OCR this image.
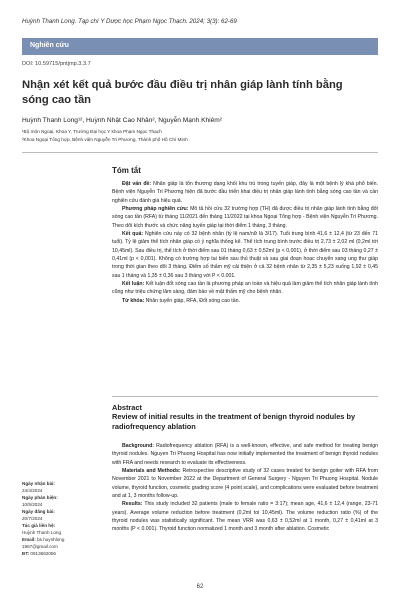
Huỳnh Thanh Long. Tạp chí Y Dược học Phạm Ngọc Thạch. 2024; 3(3): 62-69
Nghiên cứu
DOI: 10.59715/pntjmp.3.3.7
Nhận xét kết quả bước đầu điều trị nhân giáp lành tính bằng sóng cao tần
Huỳnh Thanh Long¹², Huỳnh Nhật Cao Nhân², Nguyễn Mạnh Khiêm²
¹Bộ môn Ngoại, Khoa Y, Trường Đại học Y khoa Phạm Ngọc Thạch
²Khoa Ngoại Tổng hợp, Bệnh viện Nguyễn Tri Phương, Thành phố Hồ Chí Minh
Tóm tắt

Đặt vấn đề: Nhân giáp là tổn thương dạng khối khu trú trong tuyến giáp, đây là một bệnh lý khá phổ biến. Bệnh viện Nguyễn Tri Phương hiện đã bước đầu triển khai điều trị nhân giáp lành tính bằng sóng cao tần và cần nghiên cứu đánh giá hiệu quả.

Phương pháp nghiên cứu: Mô tả hồi cứu 32 trường hợp (TH) đã được điều trị nhân giáp lành tính bằng đốt sóng cao tần (RFA) từ tháng 11/2021 đến tháng 11/2022 tại khoa Ngoại Tổng hợp - Bệnh viện Nguyễn Tri Phương. Theo dõi kích thước và chức năng tuyến giáp tại thời điểm 1 tháng, 3 tháng.

Kết quả: Nghiên cứu này có 32 bệnh nhân (tỷ lệ nam/nữ là 3/17). Tuổi trung bình 41,6 ± 12,4 (từ 23 đến 71 tuổi). Tỷ lệ giảm thể tích nhân giáp có ý nghĩa thống kê. Thể tích trung bình trước điều trị 2,73 ± 2,02 ml (0,2ml tới 10,45ml). Sau điều trị, thể tích ở thời điểm sau 01 tháng 0,63 ± 0,52ml (p < 0,001), ở thời điểm sau 03 tháng 0,27 ± 0,41ml (p < 0,001). Không có trường hợp tai biến sau thủ thuật và sau giai đoạn hoạc chuyển sang ung thư giáp trong thời gian theo dõi 3 tháng. Điểm số thẩm mỹ cải thiện ở cả 32 bệnh nhân từ 2,35 ± 5,23 xuống 1,92 ± 0,45 sau 1 tháng và 1,35 ± 0,36 sau 3 tháng với P < 0.001.

Kết luận: Kết luận đốt sóng cao tần là phương pháp an toàn và hiệu quả làm giảm thể tích nhân giáp lành tính cũng như triệu chứng lâm sàng, đảm bảo về mặt thẩm mỹ cho bệnh nhân.

Từ khóa: Nhân tuyến giáp, RFA, Đốt sóng cao tần.

Abstract
Review of initial results in the treatment of benign thyroid nodules by radiofrequency ablation

Background: Radiofrequency ablation (RFA) is a well-known, effective, and safe method for treating benign thyroid nodules. Nguyen Tri Phuong Hospital has now initially implemented the treatment of benign thyroid nodules with FRA and needs research to evaluate its effectiveness.

Materials and Methods: Retrospective descriptive study of 32 cases treated for benign goiter with RFA from November 2021 to November 2022 at the Department of General Surgery - Nguyen Tri Phuong Hospital. Nodule volume, thyroid function, cosmetic grading score (4 point scale), and complications were evaluated before treatment and at 1, 3 months follow-up.

Results: This study included 32 patients (male to female ratio = 3:17); mean age, 41,6 ± 12,4 (range, 23-71 years). Average volume reduction before treatment (0,2ml toi 10,45ml). The volume reduction ratio (%) of the thyroid nodules was statistically significant. The mean VRR was 0,63 ± 0,52ml at 1 month, 0,27 ± 0,41ml at 3 months (P < 0.001). Thyroid function normalized 1 month and 3 month after ablation. Cosmetic

Ngày nhận bài:
24/4/2024
Ngày phản biện:
10/5/2024
Ngày đăng bài:
20/7/2024
Tác giả liên hệ:
Huỳnh Thanh Long
Email: bs.huynhlong
1967@gmail.com
ĐT: 0913662056
62
